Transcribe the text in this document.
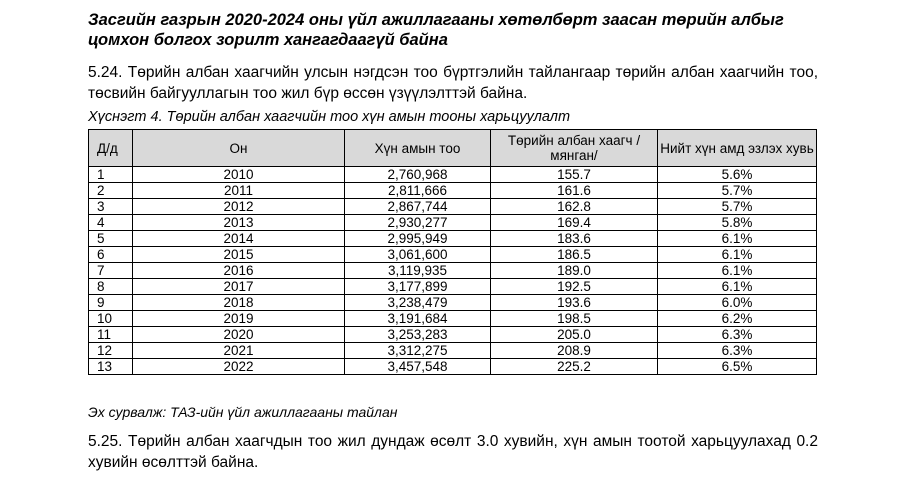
Засгийн газрын 2020-2024 оны үйл ажиллагааны хөтөлбөрт заасан төрийн албыг цомхон болгох зорилт хангагдаагүй байна
5.24. Төрийн албан хаагчийн улсын нэгдсэн тоо бүртгэлийн тайлангаар төрийн албан хаагчийн тоо, төсвийн байгууллагын тоо жил бүр өссөн үзүүлэлттэй байна.
Хүснэгт 4. Төрийн албан хаагчийн тоо хүн амын тооны харьцуулалт
Д/д	Он	Хүн амын тоо	Төрийн албан хаагч /мянган/	Нийт хүн амд эзлэх хувь
1	2010	2,760,968	155.7	5.6%
2	2011	2,811,666	161.6	5.7%
3	2012	2,867,744	162.8	5.7%
4	2013	2,930,277	169.4	5.8%
5	2014	2,995,949	183.6	6.1%
6	2015	3,061,600	186.5	6.1%
7	2016	3,119,935	189.0	6.1%
8	2017	3,177,899	192.5	6.1%
9	2018	3,238,479	193.6	6.0%
10	2019	3,191,684	198.5	6.2%
11	2020	3,253,283	205.0	6.3%
12	2021	3,312,275	208.9	6.3%
13	2022	3,457,548	225.2	6.5%
Эх сурвалж: ТАЗ-ийн үйл ажиллагааны тайлан
5.25. Төрийн албан хаагчдын тоо жил дундаж өсөлт 3.0 хувийн, хүн амын тоотой харьцуулахад 0.2 хувийн өсөлттэй байна.
